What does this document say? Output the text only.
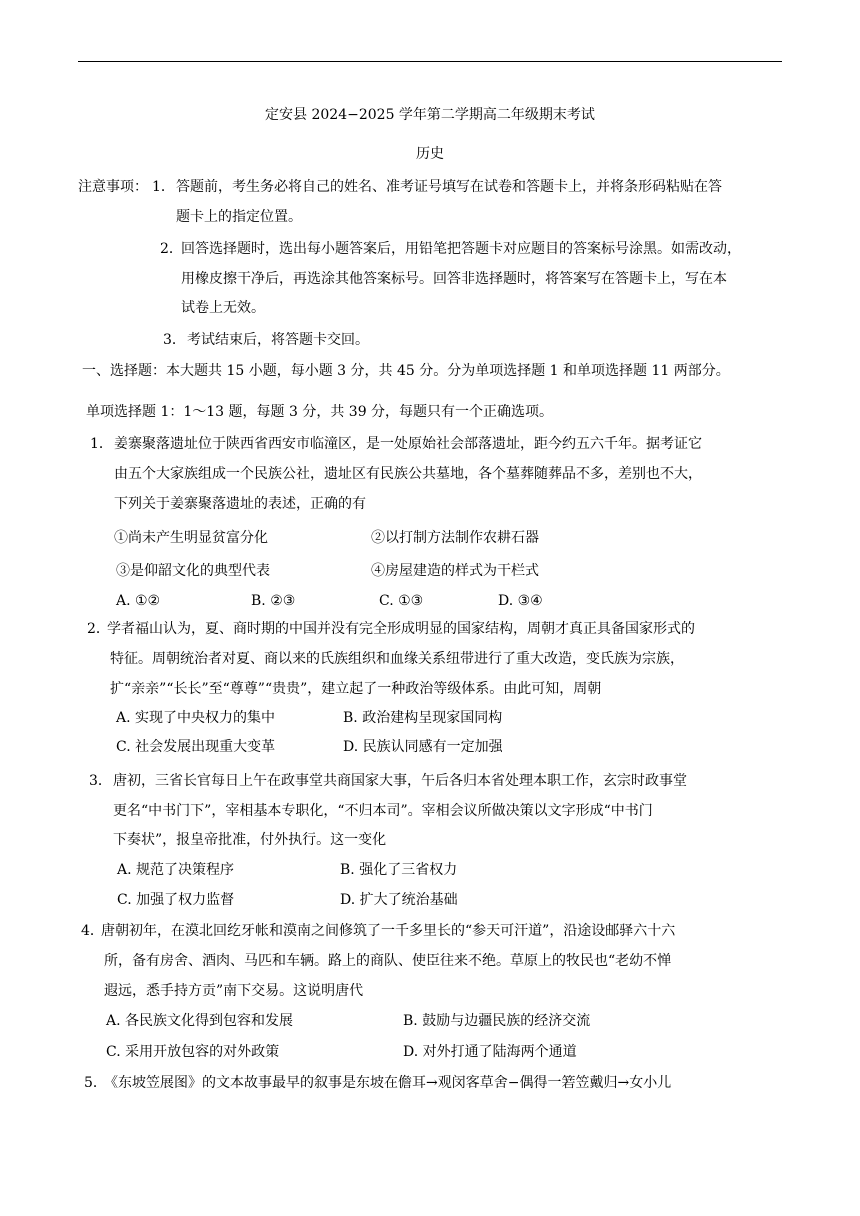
定安县 2024−2025 学年第二学期高二年级期末考试
历史
注意事项： 1． 答题前，考生务必将自己的姓名、准考证号填写在试卷和答题卡上，并将条形码粘贴在答
题卡上的指定位置。
2．
回答选择题时，选出每小题答案后，用铅笔把答题卡对应题目的答案标号涂黑。如需改动，
用橡皮擦干净后，再选涂其他答案标号。回答非选择题时，将答案写在答题卡上，写在本
试卷上无效。
3． 考试结束后，将答题卡交回。
一、选择题：本大题共 15 小题，每小题 3 分，共 45 分。分为单项选择题 1 和单项选择题 11 两部分。
单项选择题 1：1～13 题，每题 3 分，共 39 分，每题只有一个正确选项。
1． 姜寨聚落遗址位于陕西省西安市临潼区，是一处原始社会部落遗址，距今约五六千年。据考证它
由五个大家族组成一个民族公社，遗址区有民族公共墓地，各个墓葬随葬品不多，差别也不大，
下列关于姜寨聚落遗址的表述，正确的有
①尚未产生明显贫富分化	②以打制方法制作农耕石器
③是仰韶文化的典型代表	④房屋建造的样式为干栏式
A. ①②	B. ②③	C. ①③	D. ③④
2．
学者福山认为，夏、商时期的中国并没有完全形成明显的国家结构，周朝才真正具备国家形式的
特征。周朝统治者对夏、商以来的氏族组织和血缘关系纽带进行了重大改造，变氏族为宗族，
扩“亲亲”“长长”至“尊尊”“贵贵”，建立起了一种政治等级体系。由此可知，周朝
A. 实现了中央权力的集中	B. 政治建构呈现家国同构
C. 社会发展出现重大变革	D. 民族认同感有一定加强
3． 唐初，三省长官每日上午在政事堂共商国家大事，午后各归本省处理本职工作，玄宗时政事堂
更名“中书门下”，宰相基本专职化，“不归本司”。宰相会议所做决策以文字形成“中书门
下奏状”，报皇帝批准，付外执行。这一变化
A. 规范了决策程序	B. 强化了三省权力
C. 加强了权力监督	D. 扩大了统治基础
4．
唐朝初年，在漠北回纥牙帐和漠南之间修筑了一千多里长的“参天可汗道”，沿途设邮驿六十六
所，备有房舍、酒肉、马匹和车辆。路上的商队、使臣往来不绝。草原上的牧民也“老幼不惮
遐远，悉手持方贡”南下交易。这说明唐代
A. 各民族文化得到包容和发展	B. 鼓励与边疆民族的经济交流
C. 采用开放包容的对外政策	D. 对外打通了陆海两个通道
5．
《东坡笠展图》的文本故事最早的叙事是东坡在儋耳→观闵客草舍−偶得一箬笠戴归→女小儿
